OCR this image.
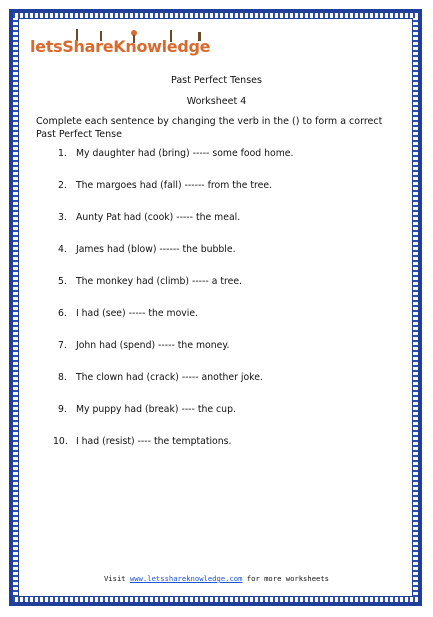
letsShareKnowledge
Past Perfect Tenses
Worksheet 4
Complete each sentence by changing the verb in the () to form a correct Past Perfect Tense
1. My daughter had (bring) ----- some food home.
2. The margoes had (fall) ------ from the tree.
3. Aunty Pat had (cook) ----- the meal.
4. James had (blow) ------ the bubble.
5. The monkey had (climb) ----- a tree.
6. I had (see) ----- the movie.
7. John had (spend) ----- the money.
8. The clown had (crack) ----- another joke.
9. My puppy had (break) ---- the cup.
10. I had (resist) ---- the temptations.
Visit www.letsshareknowledge.com for more worksheets
